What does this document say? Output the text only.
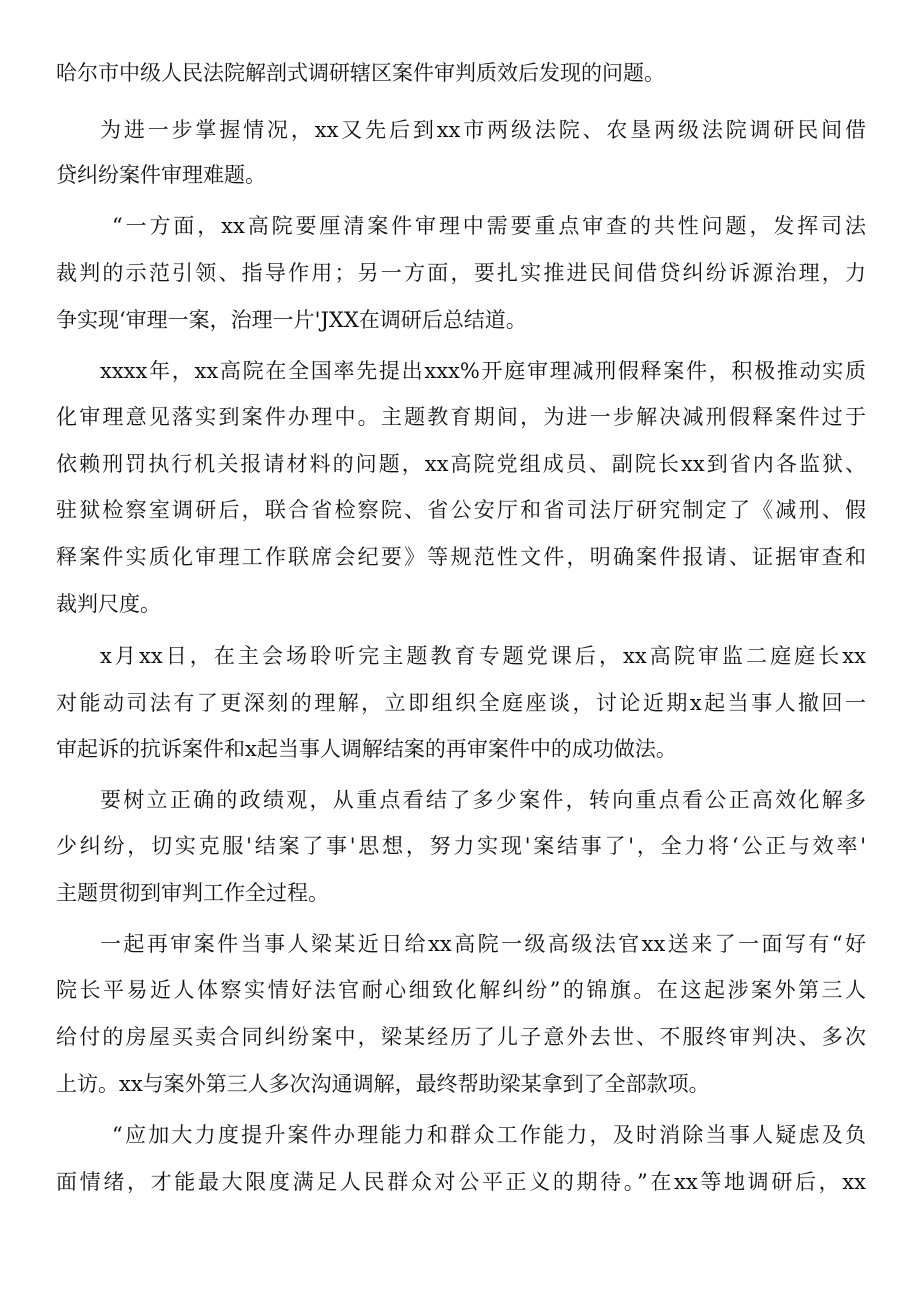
哈尔市中级人民法院解剖式调研辖区案件审判质效后发现的问题。
为进一步掌握情况，xx又先后到xx市两级法院、农垦两级法院调研民间借
贷纠纷案件审理难题。
“一方面，xx高院要厘清案件审理中需要重点审查的共性问题，发挥司法
裁判的示范引领、指导作用；另一方面，要扎实推进民间借贷纠纷诉源治理，力
争实现‘审理一案，治理一片'JXX在调研后总结道。
xxxx年，xx高院在全国率先提出xxx%开庭审理减刑假释案件，积极推动实质
化审理意见落实到案件办理中。主题教育期间，为进一步解决减刑假释案件过于
依赖刑罚执行机关报请材料的问题，xx高院党组成员、副院长xx到省内各监狱、
驻狱检察室调研后，联合省检察院、省公安厅和省司法厅研究制定了《减刑、假
释案件实质化审理工作联席会纪要》等规范性文件，明确案件报请、证据审查和
裁判尺度。
x月xx日，在主会场聆听完主题教育专题党课后，xx高院审监二庭庭长xx
对能动司法有了更深刻的理解，立即组织全庭座谈，讨论近期x起当事人撤回一
审起诉的抗诉案件和x起当事人调解结案的再审案件中的成功做法。
要树立正确的政绩观，从重点看结了多少案件，转向重点看公正高效化解多
少纠纷，切实克服'结案了事'思想，努力实现'案结事了'，全力将‘公正与效率'
主题贯彻到审判工作全过程。
一起再审案件当事人梁某近日给xx高院一级高级法官xx送来了一面写有“好
院长平易近人体察实情好法官耐心细致化解纠纷”的锦旗。在这起涉案外第三人
给付的房屋买卖合同纠纷案中，梁某经历了儿子意外去世、不服终审判决、多次
上访。xx与案外第三人多次沟通调解，最终帮助梁某拿到了全部款项。
“应加大力度提升案件办理能力和群众工作能力，及时消除当事人疑虑及负
面情绪，才能最大限度满足人民群众对公平正义的期待。”在xx等地调研后，xx
